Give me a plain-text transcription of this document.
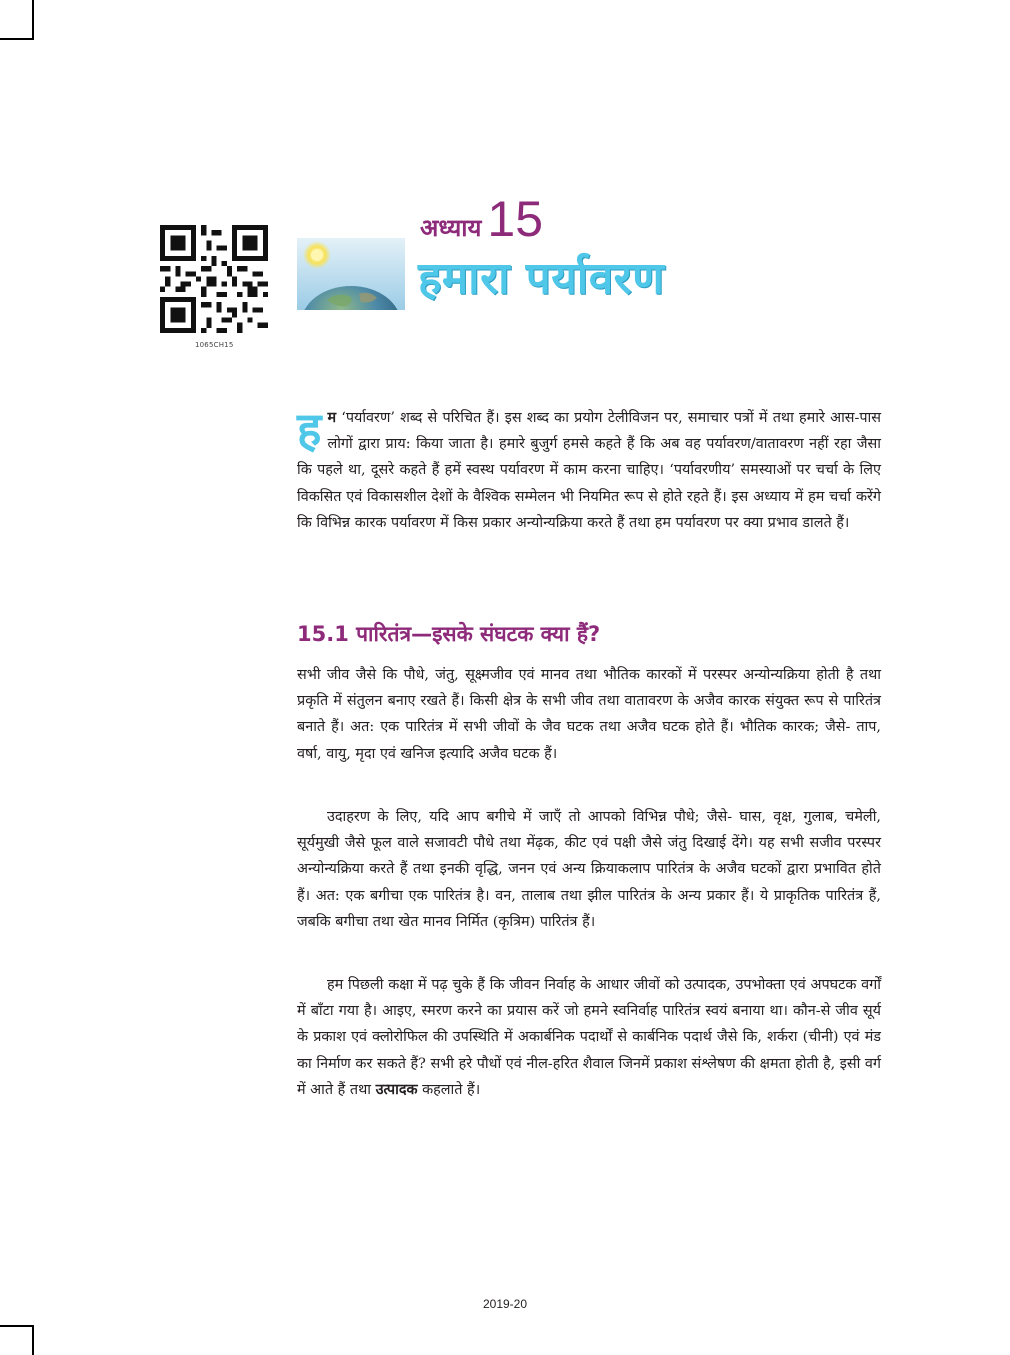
1065CH15
अध्याय 15
हमारा पर्यावरण
हम ‘पर्यावरण’ शब्द से परिचित हैं। इस शब्द का प्रयोग टेलीविजन पर, समाचार पत्रों में तथा हमारे आस-पास लोगों द्वारा प्राय: किया जाता है। हमारे बुजुर्ग हमसे कहते हैं कि अब वह पर्यावरण/वातावरण नहीं रहा जैसा कि पहले था, दूसरे कहते हैं हमें स्वस्थ पर्यावरण में काम करना चाहिए। ‘पर्यावरणीय’ समस्याओं पर चर्चा के लिए विकसित एवं विकासशील देशों के वैश्विक सम्मेलन भी नियमित रूप से होते रहते हैं। इस अध्याय में हम चर्चा करेंगे कि विभिन्न कारक पर्यावरण में किस प्रकार अन्योन्यक्रिया करते हैं तथा हम पर्यावरण पर क्या प्रभाव डालते हैं।
15.1 पारितंत्र—इसके संघटक क्या हैं?
सभी जीव जैसे कि पौधे, जंतु, सूक्ष्मजीव एवं मानव तथा भौतिक कारकों में परस्पर अन्योन्यक्रिया होती है तथा प्रकृति में संतुलन बनाए रखते हैं। किसी क्षेत्र के सभी जीव तथा वातावरण के अजैव कारक संयुक्त रूप से पारितंत्र बनाते हैं। अत: एक पारितंत्र में सभी जीवों के जैव घटक तथा अजैव घटक होते हैं। भौतिक कारक; जैसे- ताप, वर्षा, वायु, मृदा एवं खनिज इत्यादि अजैव घटक हैं।
उदाहरण के लिए, यदि आप बगीचे में जाएँ तो आपको विभिन्न पौधे; जैसे- घास, वृक्ष, गुलाब, चमेली, सूर्यमुखी जैसे फूल वाले सजावटी पौधे तथा मेंढ़क, कीट एवं पक्षी जैसे जंतु दिखाई देंगे। यह सभी सजीव परस्पर अन्योन्यक्रिया करते हैं तथा इनकी वृद्धि, जनन एवं अन्य क्रियाकलाप पारितंत्र के अजैव घटकों द्वारा प्रभावित होते हैं। अत: एक बगीचा एक पारितंत्र है। वन, तालाब तथा झील पारितंत्र के अन्य प्रकार हैं। ये प्राकृतिक पारितंत्र हैं, जबकि बगीचा तथा खेत मानव निर्मित (कृत्रिम) पारितंत्र हैं।
हम पिछली कक्षा में पढ़ चुके हैं कि जीवन निर्वाह के आधार जीवों को उत्पादक, उपभोक्ता एवं अपघटक वर्गों में बाँटा गया है। आइए, स्मरण करने का प्रयास करें जो हमने स्वनिर्वाह पारितंत्र स्वयं बनाया था। कौन-से जीव सूर्य के प्रकाश एवं क्लोरोफिल की उपस्थिति में अकार्बनिक पदार्थों से कार्बनिक पदार्थ जैसे कि, शर्करा (चीनी) एवं मंड का निर्माण कर सकते हैं? सभी हरे पौधों एवं नील-हरित शैवाल जिनमें प्रकाश संश्लेषण की क्षमता होती है, इसी वर्ग में आते हैं तथा उत्पादक कहलाते हैं।
2019-20
